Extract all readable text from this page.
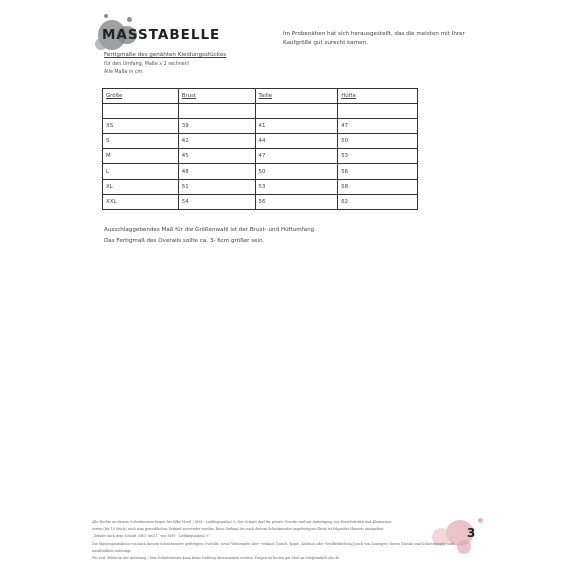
MASSTABELLE	Im Probenähen hat sich herausgestellt, das die meisten mit Ihrer Kaufgröße gut zurecht kamen.
Fertigmaße des genähten Kleidungsstückes
für den Umfang, Maße x 2 rechnen!
Alle Maße in cm.
Größe	Brust	Taille	Hüfte

XS	39	41	47
S	42	44	50
M	45	47	53
L	48	50	56
XL	51	53	58
XXL	54	56	62
Ausschlaggebendes Maß für die Größenwahl ist der Brust- und Hüftumfang.
Das Fertigmaß des Overalls sollte ca. 3- 6cm größer sein.
Alle Rechte an diesem Schnittmuster liegen bei Silke Hoerl | SHO - Lieblingsaufzu2.0. Der Schnitt darf für private Zwecke und zur Anfertigung von Einzelstücken und Kleinserien
serien (bis 10 Stück) auch zum gewerblichen Verkauf verwendet werden. Beim Verkauf der nach diesem Schnittmuster angefertigten Shirts ist folgender Hinweis anzugeben:
„Genäht nach dem Schnitt ‚SHO´sstil 1“ von SHO - Lieblingsaufzu2.0“
Die Massenproduktion von nach diesem Schnittmuster gefertigten Overalls, sowie Weitergabe oder -verkauf, Tausch, Kopie, Abdruck oder Veröffentlichung (auch von Auszügen) dieses Ebooks und Schnittmuster sind ausdrücklich untersagt.
Für evtl. Fehler in der Anleitung / dem Schnittmuster kann keine Haftung übernommen werden. Fragen an besten per Mail an info@einfach-sho.de
3
